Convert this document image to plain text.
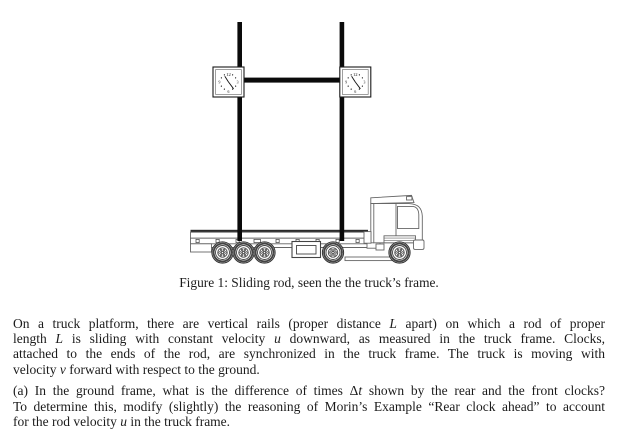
12
3
6
9
12
3
6
9
Figure 1: Sliding rod, seen the the truck’s frame.
On a truck platform, there are vertical rails (proper distance L apart) on which a rod of proper
length L is sliding with constant velocity u downward, as measured in the truck frame. Clocks,
attached to the ends of the rod, are synchronized in the truck frame. The truck is moving with
velocity v forward with respect to the ground.
(a) In the ground frame, what is the difference of times Δt shown by the rear and the front clocks?
To determine this, modify (slightly) the reasoning of Morin’s Example “Rear clock ahead” to account
for the rod velocity u in the truck frame.
